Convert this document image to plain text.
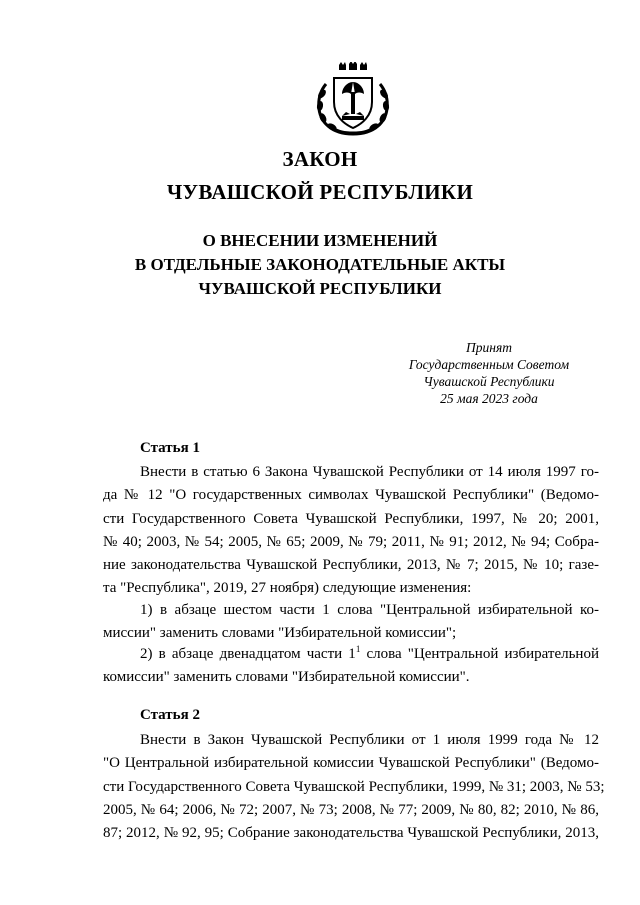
ЗАКОН
ЧУВАШСКОЙ РЕСПУБЛИКИ
О ВНЕСЕНИИ ИЗМЕНЕНИЙ
В ОТДЕЛЬНЫЕ ЗАКОНОДАТЕЛЬНЫЕ АКТЫ
ЧУВАШСКОЙ РЕСПУБЛИКИ
Принят
Государственным Советом
Чувашской Республики
25 мая 2023 года
Статья 1
Внести в статью 6 Закона Чувашской Республики от 14 июля 1997 го-
да № 12 "О государственных символах Чувашской Республики" (Ведомо-
сти Государственного Совета Чувашской Республики, 1997, № 20; 2001,
№ 40; 2003, № 54; 2005, № 65; 2009, № 79; 2011, № 91; 2012, № 94; Собра-
ние законодательства Чувашской Республики, 2013, № 7; 2015, № 10; газе-
та "Республика", 2019, 27 ноября) следующие изменения:
1) в абзаце шестом части 1 слова "Центральной избирательной ко-
миссии" заменить словами "Избирательной комиссии";
2) в абзаце двенадцатом части $1^1$ слова "Центральной избирательной
комиссии" заменить словами "Избирательной комиссии".
Статья 2
Внести в Закон Чувашской Республики от 1 июля 1999 года № 12
"О Центральной избирательной комиссии Чувашской Республики" (Ведомо-
сти Государственного Совета Чувашской Республики, 1999, № 31; 2003, № 53;
2005, № 64; 2006, № 72; 2007, № 73; 2008, № 77; 2009, № 80, 82; 2010, № 86,
87; 2012, № 92, 95; Собрание законодательства Чувашской Республики, 2013,
